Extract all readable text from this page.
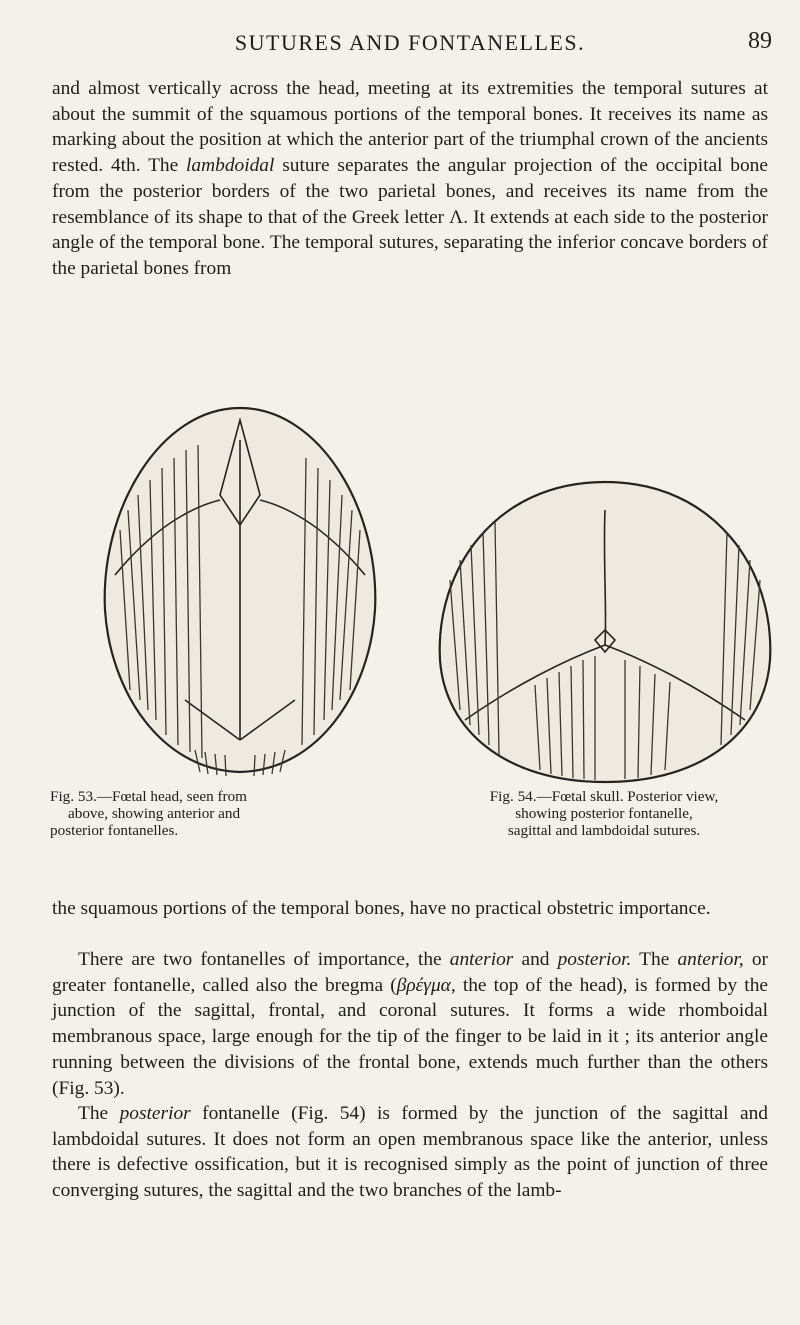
SUTURES AND FONTANELLES.	89

and almost vertically across the head, meeting at its extremities the temporal sutures at about the summit of the squamous portions of the temporal bones. It receives its name as marking about the position at which the anterior part of the triumphal crown of the ancients rested. 4th. The lambdoidal suture separates the angular projection of the occipital bone from the posterior borders of the two parietal bones, and receives its name from the resemblance of its shape to that of the Greek letter Λ. It extends at each side to the posterior angle of the temporal bone. The temporal sutures, separating the inferior concave borders of the parietal bones from

Fig. 53.—Fœtal head, seen from
above, showing anterior and
posterior fontanelles.

Fig. 54.—Fœtal skull. Posterior view,
showing posterior fontanelle,
sagittal and lambdoidal sutures.

the squamous portions of the temporal bones, have no practical obstetric importance.

There are two fontanelles of importance, the anterior and posterior. The anterior, or greater fontanelle, called also the bregma (βρέγμα, the top of the head), is formed by the junction of the sagittal, frontal, and coronal sutures. It forms a wide rhomboidal membranous space, large enough for the tip of the finger to be laid in it ; its anterior angle running between the divisions of the frontal bone, extends much further than the others (Fig. 53).

The posterior fontanelle (Fig. 54) is formed by the junction of the sagittal and lambdoidal sutures. It does not form an open membranous space like the anterior, unless there is defective ossification, but it is recognised simply as the point of junction of three converging sutures, the sagittal and the two branches of the lamb-
